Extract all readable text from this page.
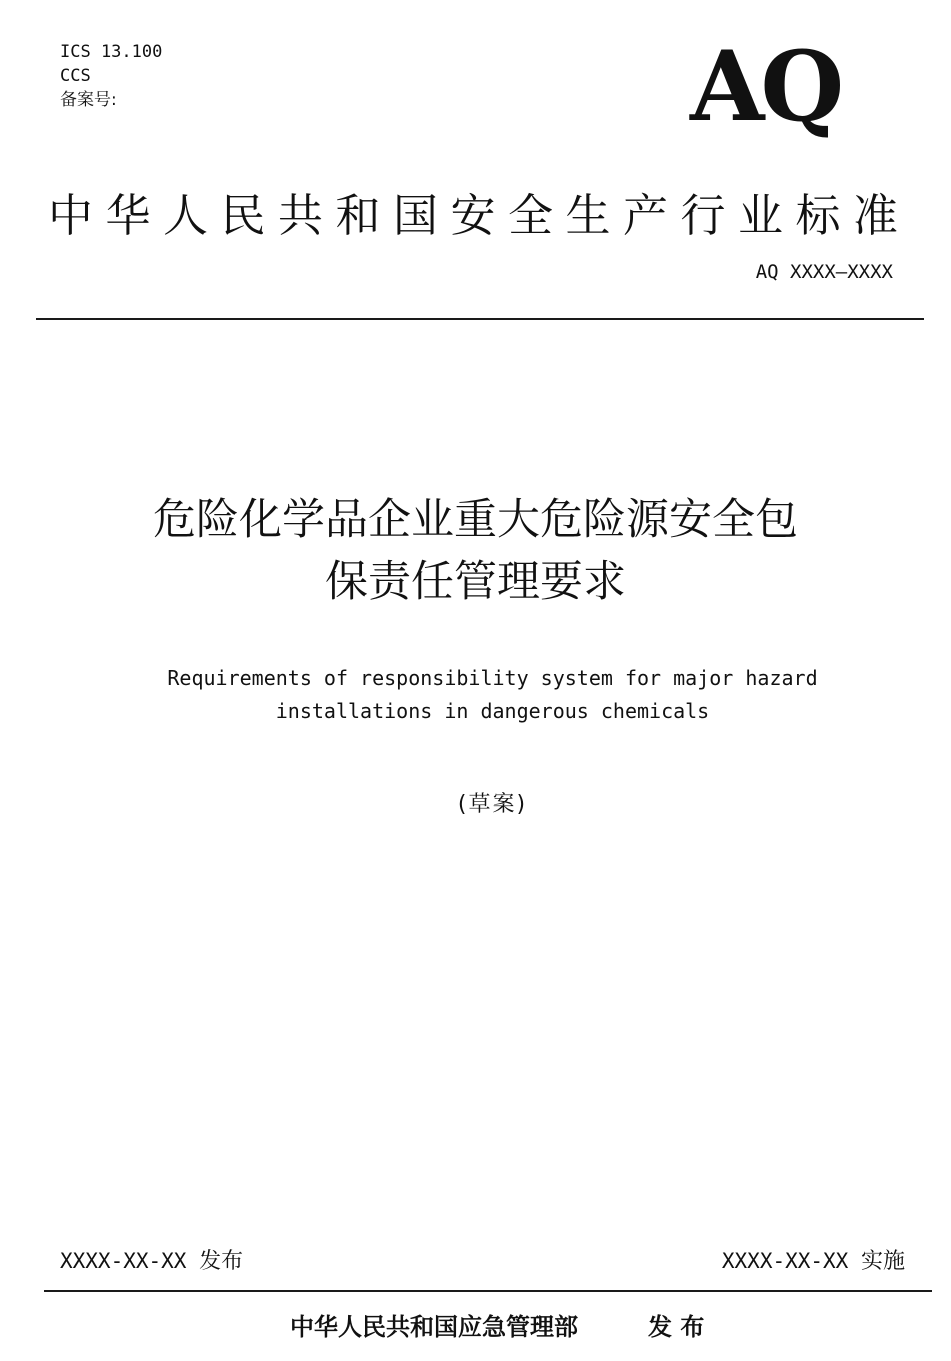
ICS 13.100
CCS
备案号:	AQ
中华人民共和国安全生产行业标准
AQ XXXX—XXXX
危险化学品企业重大危险源安全包
保责任管理要求
Requirements of responsibility system for major hazard
installations in dangerous chemicals
(草案)
XXXX-XX-XX 发布	XXXX-XX-XX 实施
中华人民共和国应急管理部	发 布
